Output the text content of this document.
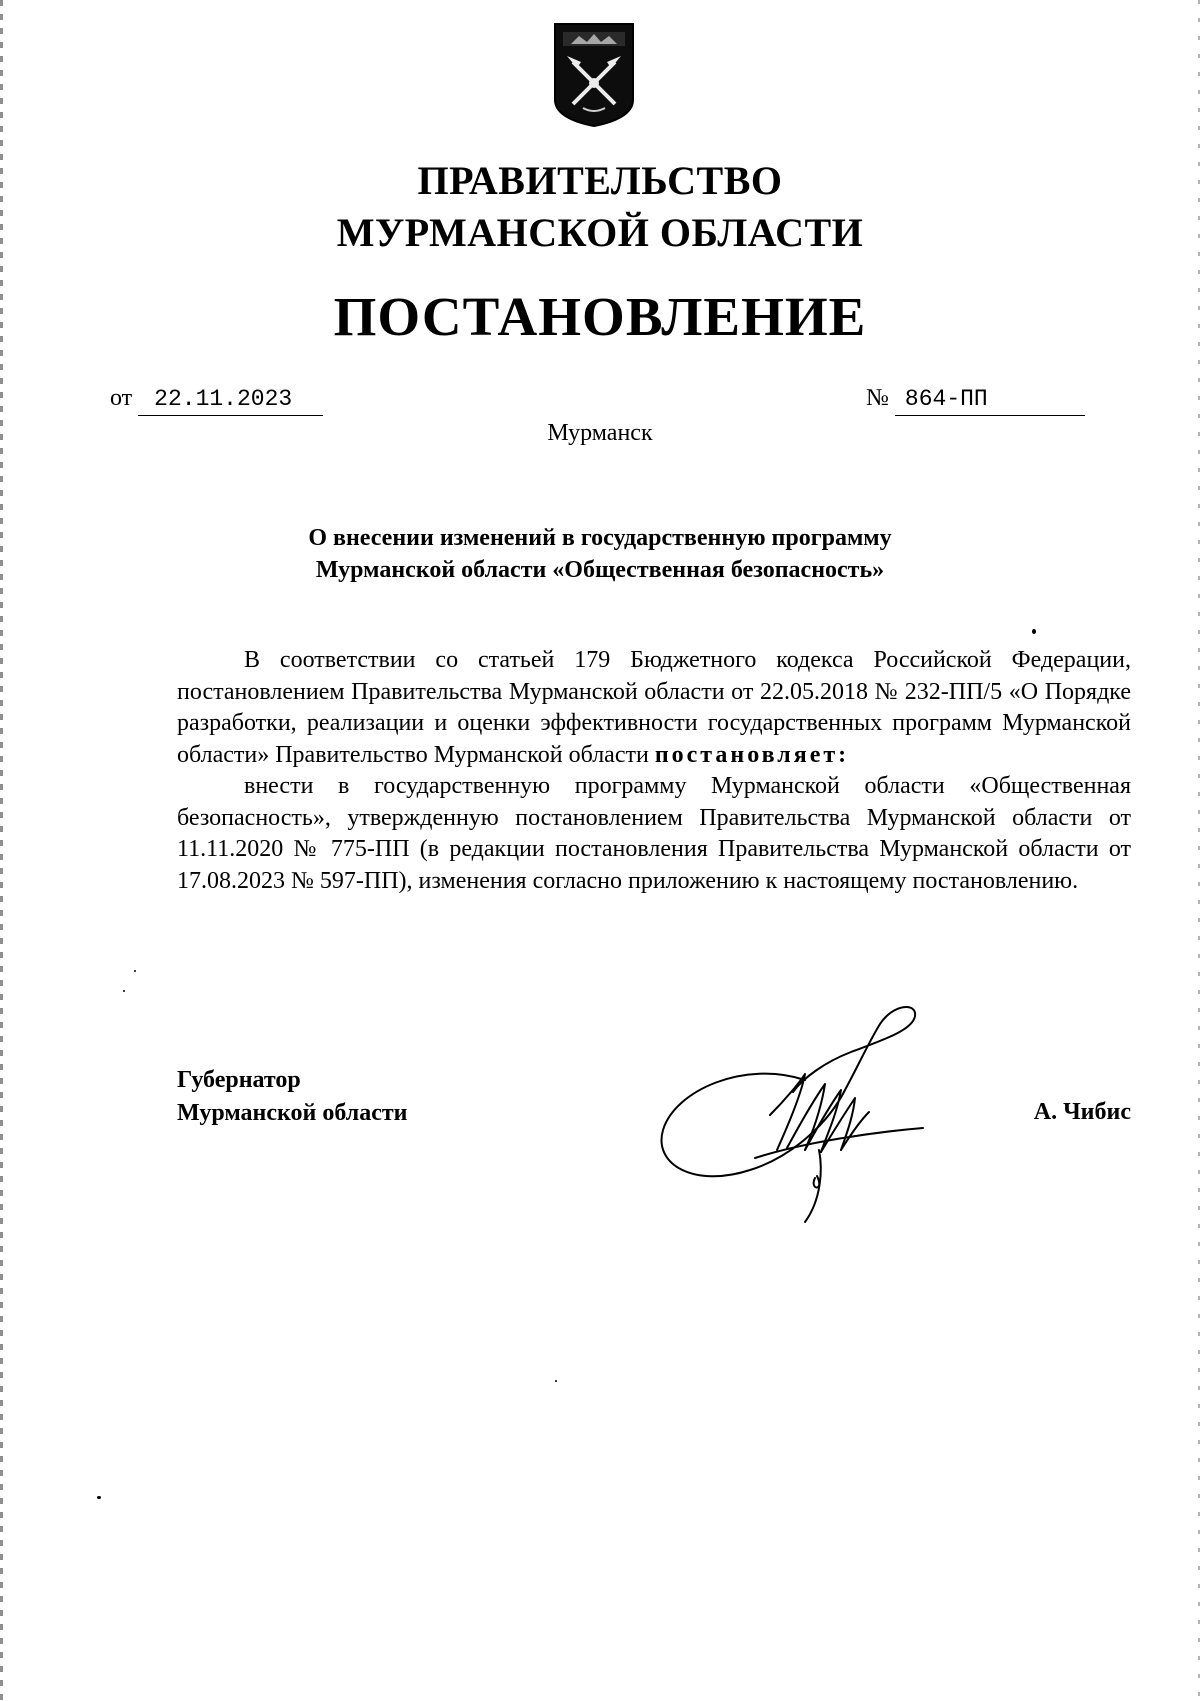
ПРАВИТЕЛЬСТВО
МУРМАНСКОЙ ОБЛАСТИ
ПОСТАНОВЛЕНИЕ
от 22.11.2023	№ 864-ПП
Мурманск
О внесении изменений в государственную программу
Мурманской области «Общественная безопасность»

В соответствии со статьей 179 Бюджетного кодекса Российской Федерации, постановлением Правительства Мурманской области от 22.05.2018 № 232-ПП/5 «О Порядке разработки, реализации и оценки эффективности государственных программ Мурманской области» Правительство Мурманской области постановляет:

внести в государственную программу Мурманской области «Общественная безопасность», утвержденную постановлением Правительства Мурманской области от 11.11.2020 № 775-ПП (в редакции постановления Правительства Мурманской области от 17.08.2023 № 597-ПП), изменения согласно приложению к настоящему постановлению.

Губернатор
Мурманской области	А. Чибис
